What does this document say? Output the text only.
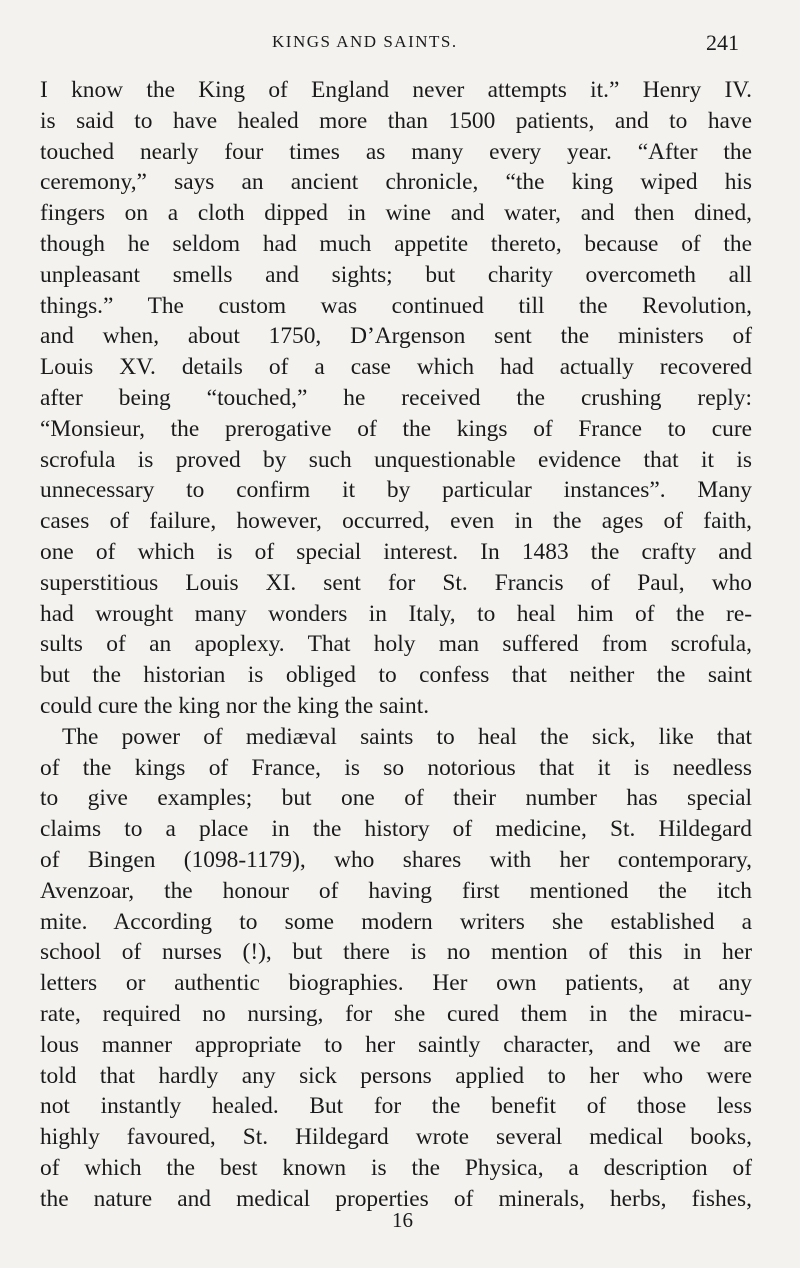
KINGS AND SAINTS.	241
I know the King of England never attempts it.” Henry IV.
is said to have healed more than 1500 patients, and to have
touched nearly four times as many every year. “After the
ceremony,” says an ancient chronicle, “the king wiped his
fingers on a cloth dipped in wine and water, and then dined,
though he seldom had much appetite thereto, because of the
unpleasant smells and sights; but charity overcometh all
things.” The custom was continued till the Revolution,
and when, about 1750, D’Argenson sent the ministers of
Louis XV. details of a case which had actually recovered
after being “touched,” he received the crushing reply:
“Monsieur, the prerogative of the kings of France to cure
scrofula is proved by such unquestionable evidence that it is
unnecessary to confirm it by particular instances”. Many
cases of failure, however, occurred, even in the ages of faith,
one of which is of special interest. In 1483 the crafty and
superstitious Louis XI. sent for St. Francis of Paul, who
had wrought many wonders in Italy, to heal him of the re-
sults of an apoplexy. That holy man suffered from scrofula,
but the historian is obliged to confess that neither the saint
could cure the king nor the king the saint.
The power of mediæval saints to heal the sick, like that
of the kings of France, is so notorious that it is needless
to give examples; but one of their number has special
claims to a place in the history of medicine, St. Hildegard
of Bingen (1098-1179), who shares with her contemporary,
Avenzoar, the honour of having first mentioned the itch
mite. According to some modern writers she established a
school of nurses (!), but there is no mention of this in her
letters or authentic biographies. Her own patients, at any
rate, required no nursing, for she cured them in the miracu-
lous manner appropriate to her saintly character, and we are
told that hardly any sick persons applied to her who were
not instantly healed. But for the benefit of those less
highly favoured, St. Hildegard wrote several medical books,
of which the best known is the Physica, a description of
the nature and medical properties of minerals, herbs, fishes,
16
